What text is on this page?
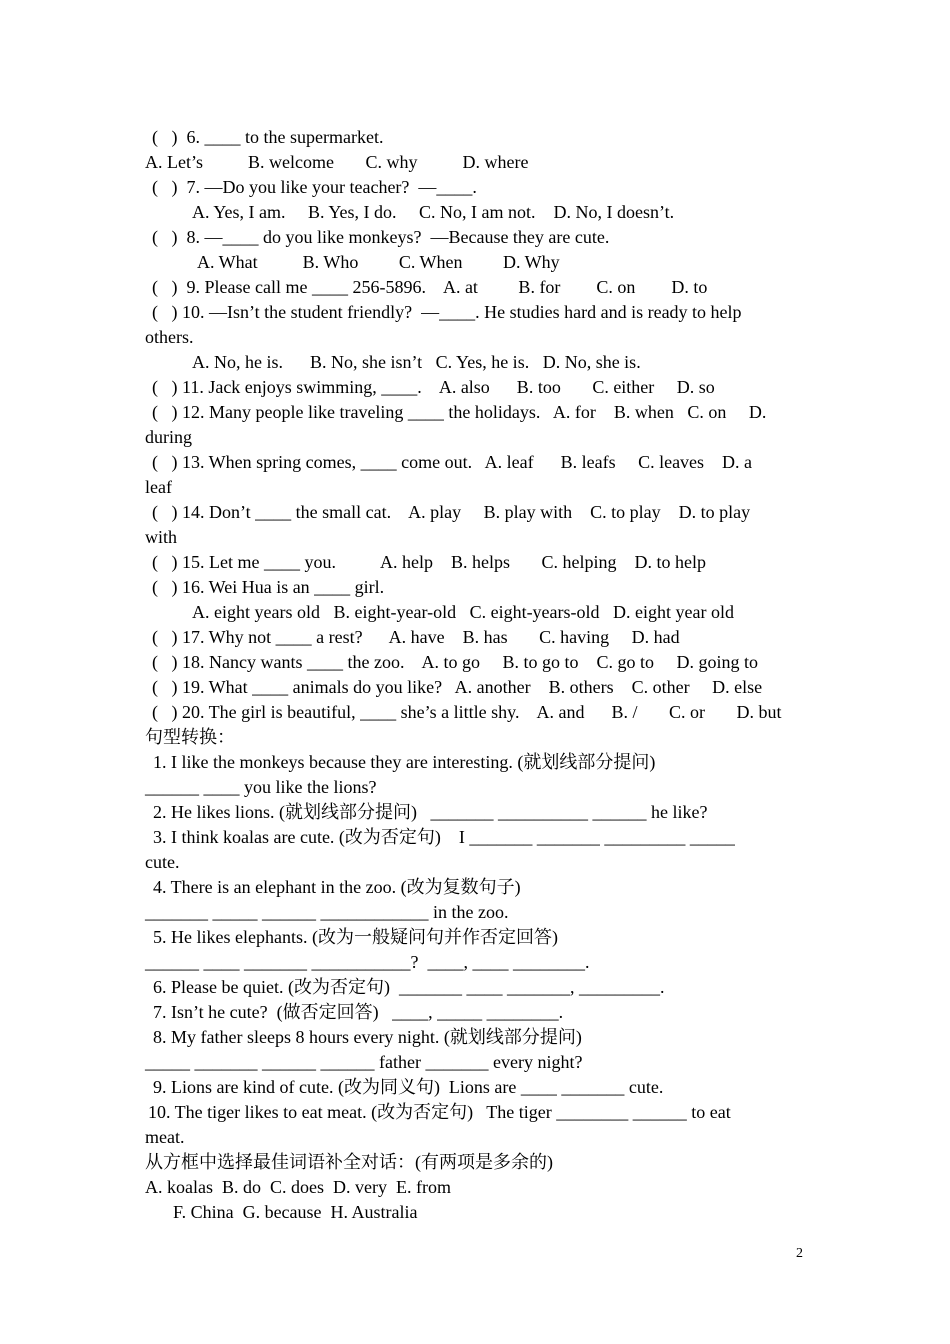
(   )  6. ____ to the supermarket.
A. Let’s          B. welcome       C. why          D. where
(   )  7. —Do you like your teacher?  —____.
A. Yes, I am.     B. Yes, I do.     C. No, I am not.    D. No, I doesn’t.
(   )  8. —____ do you like monkeys?  —Because they are cute.
A. What          B. Who         C. When         D. Why
(   )  9. Please call me ____ 256-5896.    A. at         B. for        C. on        D. to
(   ) 10. —Isn’t the student friendly?  —____. He studies hard and is ready to help
others.
A. No, he is.      B. No, she isn’t   C. Yes, he is.   D. No, she is.
(   ) 11. Jack enjoys swimming, ____.    A. also      B. too       C. either     D. so
(   ) 12. Many people like traveling ____ the holidays.   A. for    B. when   C. on     D.
during
(   ) 13. When spring comes, ____ come out.   A. leaf      B. leafs     C. leaves    D. a
leaf
(   ) 14. Don’t ____ the small cat.    A. play     B. play with    C. to play    D. to play
with
(   ) 15. Let me ____ you.          A. help    B. helps       C. helping    D. to help
(   ) 16. Wei Hua is an ____ girl.
A. eight years old   B. eight-year-old   C. eight-years-old   D. eight year old
(   ) 17. Why not ____ a rest?      A. have    B. has       C. having     D. had
(   ) 18. Nancy wants ____ the zoo.    A. to go     B. to go to    C. go to     D. going to
(   ) 19. What ____ animals do you like?   A. another    B. others    C. other     D. else
(   ) 20. The girl is beautiful, ____ she’s a little shy.    A. and      B. /       C. or       D. but
句型转换：
1. I like the monkeys because they are interesting. (就划线部分提问)
______ ____ you like the lions?
2. He likes lions. (就划线部分提问)   _______ __________ ______ he like?
3. I think koalas are cute. (改为否定句)    I _______ _______ _________ _____
cute.
4. There is an elephant in the zoo. (改为复数句子)
_______ _____ ______ ____________ in the zoo.
5. He likes elephants. (改为一般疑问句并作否定回答)
______ ____ _______ ___________?  ____, ____ ________.
6. Please be quiet. (改为否定句)  _______ ____ _______, _________.
7. Isn’t he cute?  (做否定回答)   ____, _____ ________.
8. My father sleeps 8 hours every night. (就划线部分提问)
_____ _______ ______ ______ father _______ every night?
9. Lions are kind of cute. (改为同义句)  Lions are ____ _______ cute.
10. The tiger likes to eat meat. (改为否定句)   The tiger ________ ______ to eat
meat.
从方框中选择最佳词语补全对话：(有两项是多余的)
A. koalas  B. do  C. does  D. very  E. from
F. China  G. because  H. Australia
2
